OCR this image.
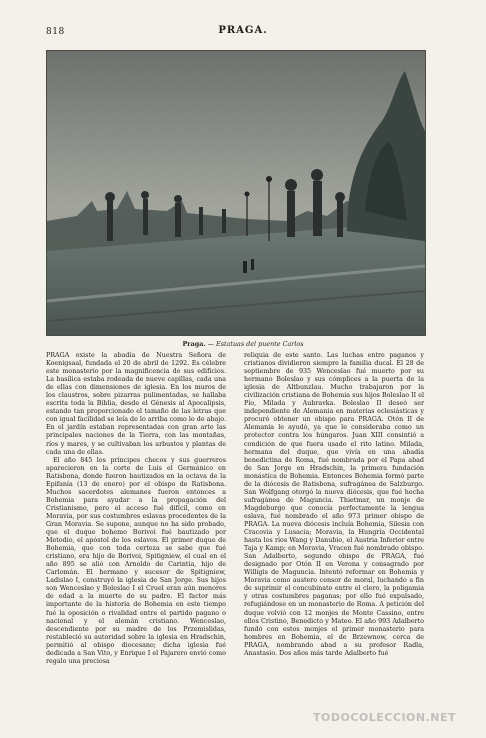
818	PRAGA.
Praga. — Estatuas del puente Carlos

PRAGA existe la abadía de Nuestra Señora de Koenigsaal, fundada el 20 de abril de 1292. Es célebre este monasterio por la magnificencia de sus edificios. La basílica estaba rodeada de nueve capillas, cada una de ellas con dimensiones de iglesia. En los muros de los claustros, sobre pizarras pulimentadas, se hallaba escrita toda la Biblia, desde el Génesis al Apocalipsis, estando tan proporcionado el tamaño de las letras que con igual facilidad se leía de lo arriba como lo de abajo. En el jardín estaban representadas con gran arte las principales naciones de la Tierra, con las montañas, ríos y mares, y se cultivaban los arbustos y plantas de cada una de ellas.

El año 845 los príncipes checos y sus guerreros aparecieron en la corte de Luis el Germánico en Ratisbona, donde fueron bautizados en la octava de la Epifanía (13 de enero) por el obispo de Ratisbona. Muchos sacerdotes alemanes fueron entonces a Bohemia para ayudar a la propagación del Cristianismo, pero el acceso fué difícil, como en Moravia, por sus costumbres eslavas procedentes de la Gran Moravia. Se supone, aunque no ha sido probado, que el duque bohemo Borivoi fué bautizado por Metodio, el apóstol de los eslavos. El primer duque de Bohemia, que con toda certeza se sabe que fué cristiano, era hijo de Borivoi, Spitigniew, el cual en el año 895 se alió con Arnoldo de Carintia, hijo de Carlomán. El hermano y sucesor de Spitigniew, Ladislao I, construyó la iglesia de San Jorge. Sus hijos son Wenceslao y Boleslao I el Cruel eran aún menores de edad a la muerte de su padre. El factor más importante de la historia de Bohemia en este tiempo fué la oposición o rivalidad entre el partido pagano o nacional y el alemán cristiano. Wenceslao, descendiente por su madre de los Przemislidas, restableció su autoridad sobre la iglesia en Hradschin, permitió al obispo diocesano; dicha iglesia fué dedicada a San Vito, y Enrique I el Pajarero envió como regalo una preciosa

reliquia de este santo. Las luchas entre paganos y cristianos dividieron siempre la familia ducal. El 28 de septiembre de 935 Wenceslao fué muerto por su hermano Boleslao y sus cómplices a la puerta de la iglesia de Altbunzlau. Mucho trabajaron por la civilización cristiana de Bohemia sus hijos Boleslao II el Pío, Milada y Aubravka. Boleslao II deseó ser independiente de Alemania en materias eclesiásticas y procuró obtener un obispo para PRAGA. Otón II de Alemania le ayudó, ya que le consideraba como un protector contra los húngaros. Juan XIII consintió a condición de que fuera usado el rito latino. Milada, hermana del duque, que vivía en una abadía benedictina de Roma, fué nombrada por el Papa abad de San Jorge en Hradschin, la primera fundación monástica de Bohemia. Entonces Bohemia formó parte de la diócesis de Ratisbona, sufragánea de Salzburgo. San Wolfgang otorgó la nueva diócesis, que fué hecha sufragánea de Maguncia. Thietmar, un monje de Magdeburgo que conocía perfectamente la lengua eslava, fué nombrado el año 973 primer obispo de PRAGA. La nueva diócesis incluía Bohemia, Silesia con Cracovia y Lusacia; Moravia, la Hungría Occidental hasta los ríos Wang y Danubio, el Austria Inferior entre Taja y Kamp; en Moravia, Vracen fué nombrado obispo. San Adalberto, segundo obispo de PRAGA, fué designado por Otón II en Verona y consagrado por Willigis de Maguncia. Intentó reformar en Bohemia y Moravia como austero censor de moral, luchando a fin de suprimir el concubinato entre el clero, la poligamia y otras costumbres paganas; por ello fué expulsado, refugiándose en un monasterio de Roma. A petición del duque volvió con 12 monjes de Monte Cassino, entre ellos Cristino, Benedicto y Mateo. El año 993 Adalberto fundó con estos monjes el primer monasterio para hombres en Bohemia, el de Brzewnow, cerca de PRAGA, nombrando abad a su profesor Radla, Anastasio. Dos años más tarde Adalberto fué

TODOCOLECCION.NET
